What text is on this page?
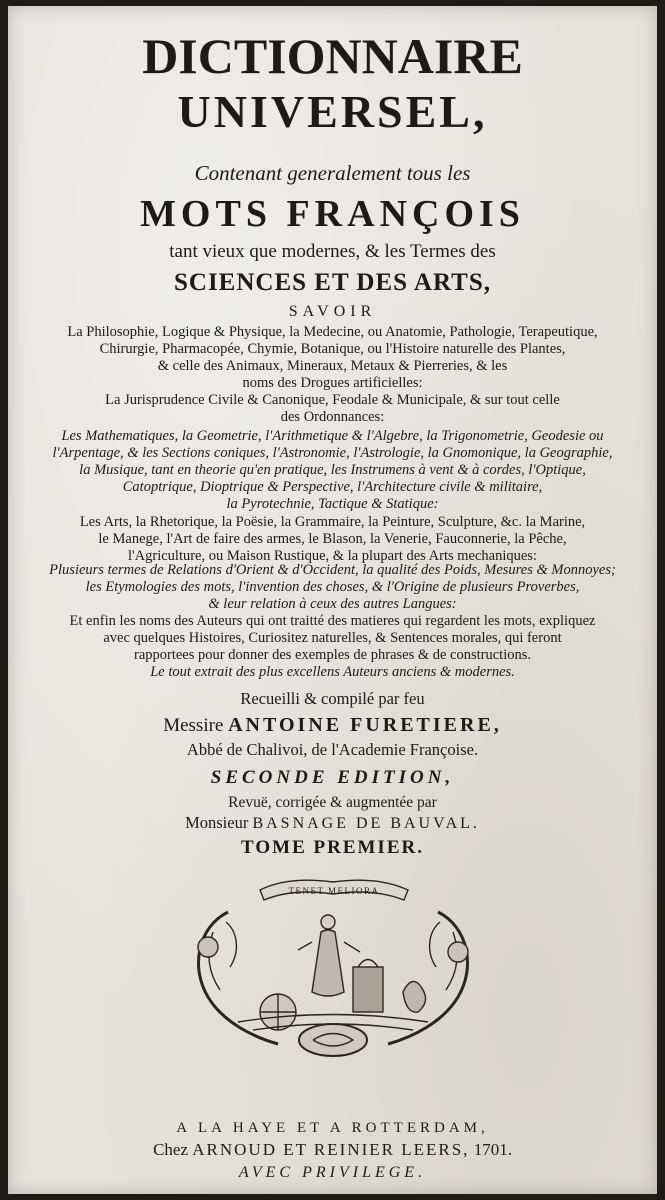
DICTIONNAIRE

UNIVERSEL,

Contenant generalement tous les

MOTS FRANÇOIS

tant vieux que modernes, & les Termes des

SCIENCES ET DES ARTS,

SAVOIR

La Philosophie, Logique & Physique, la Medecine, ou Anatomie, Pathologie, Terapeutique,
Chirurgie, Pharmacopée, Chymie, Botanique, ou l'Histoire naturelle des Plantes,
& celle des Animaux, Mineraux, Metaux & Pierreries, & les
noms des Drogues artificielles:
La Jurisprudence Civile & Canonique, Feodale & Municipale, & sur tout celle
des Ordonnances:
Les Mathematiques, la Geometrie, l'Arithmetique & l'Algebre, la Trigonometrie, Geodesie ou
l'Arpentage, & les Sections coniques, l'Astronomie, l'Astrologie, la Gnomonique, la Geographie,
la Musique, tant en theorie qu'en pratique, les Instrumens à vent & à cordes, l'Optique,
Catoptrique, Dioptrique & Perspective, l'Architecture civile & militaire,
la Pyrotechnie, Tactique & Statique:
Les Arts, la Rhetorique, la Poësie, la Grammaire, la Peinture, Sculpture, &c. la Marine,
le Manege, l'Art de faire des armes, le Blason, la Venerie, Fauconnerie, la Pêche,
l'Agriculture, ou Maison Rustique, & la plupart des Arts mechaniques:
Plusieurs termes de Relations d'Orient & d'Occident, la qualité des Poids, Mesures & Monnoyes;
les Etymologies des mots, l'invention des choses, & l'Origine de plusieurs Proverbes,
& leur relation à ceux des autres Langues:
Et enfin les noms des Auteurs qui ont traitté des matieres qui regardent les mots, expliquez
avec quelques Histoires, Curiositez naturelles, & Sentences morales, qui feront
rapportees pour donner des exemples de phrases & de constructions.

Le tout extrait des plus excellens Auteurs anciens & modernes.

Recueilli & compilé par feu

Messire ANTOINE FURETIERE,

Abbé de Chalivoi, de l'Academie Françoise.

SECONDE EDITION,

Revuë, corrigée & augmentée par

Monsieur BASNAGE DE BAUVAL.

TOME PREMIER.

TENET MELIORA

A LA HAYE ET A ROTTERDAM,

Chez ARNOUD ET REINIER LEERS, 1701.

AVEC PRIVILEGE.
